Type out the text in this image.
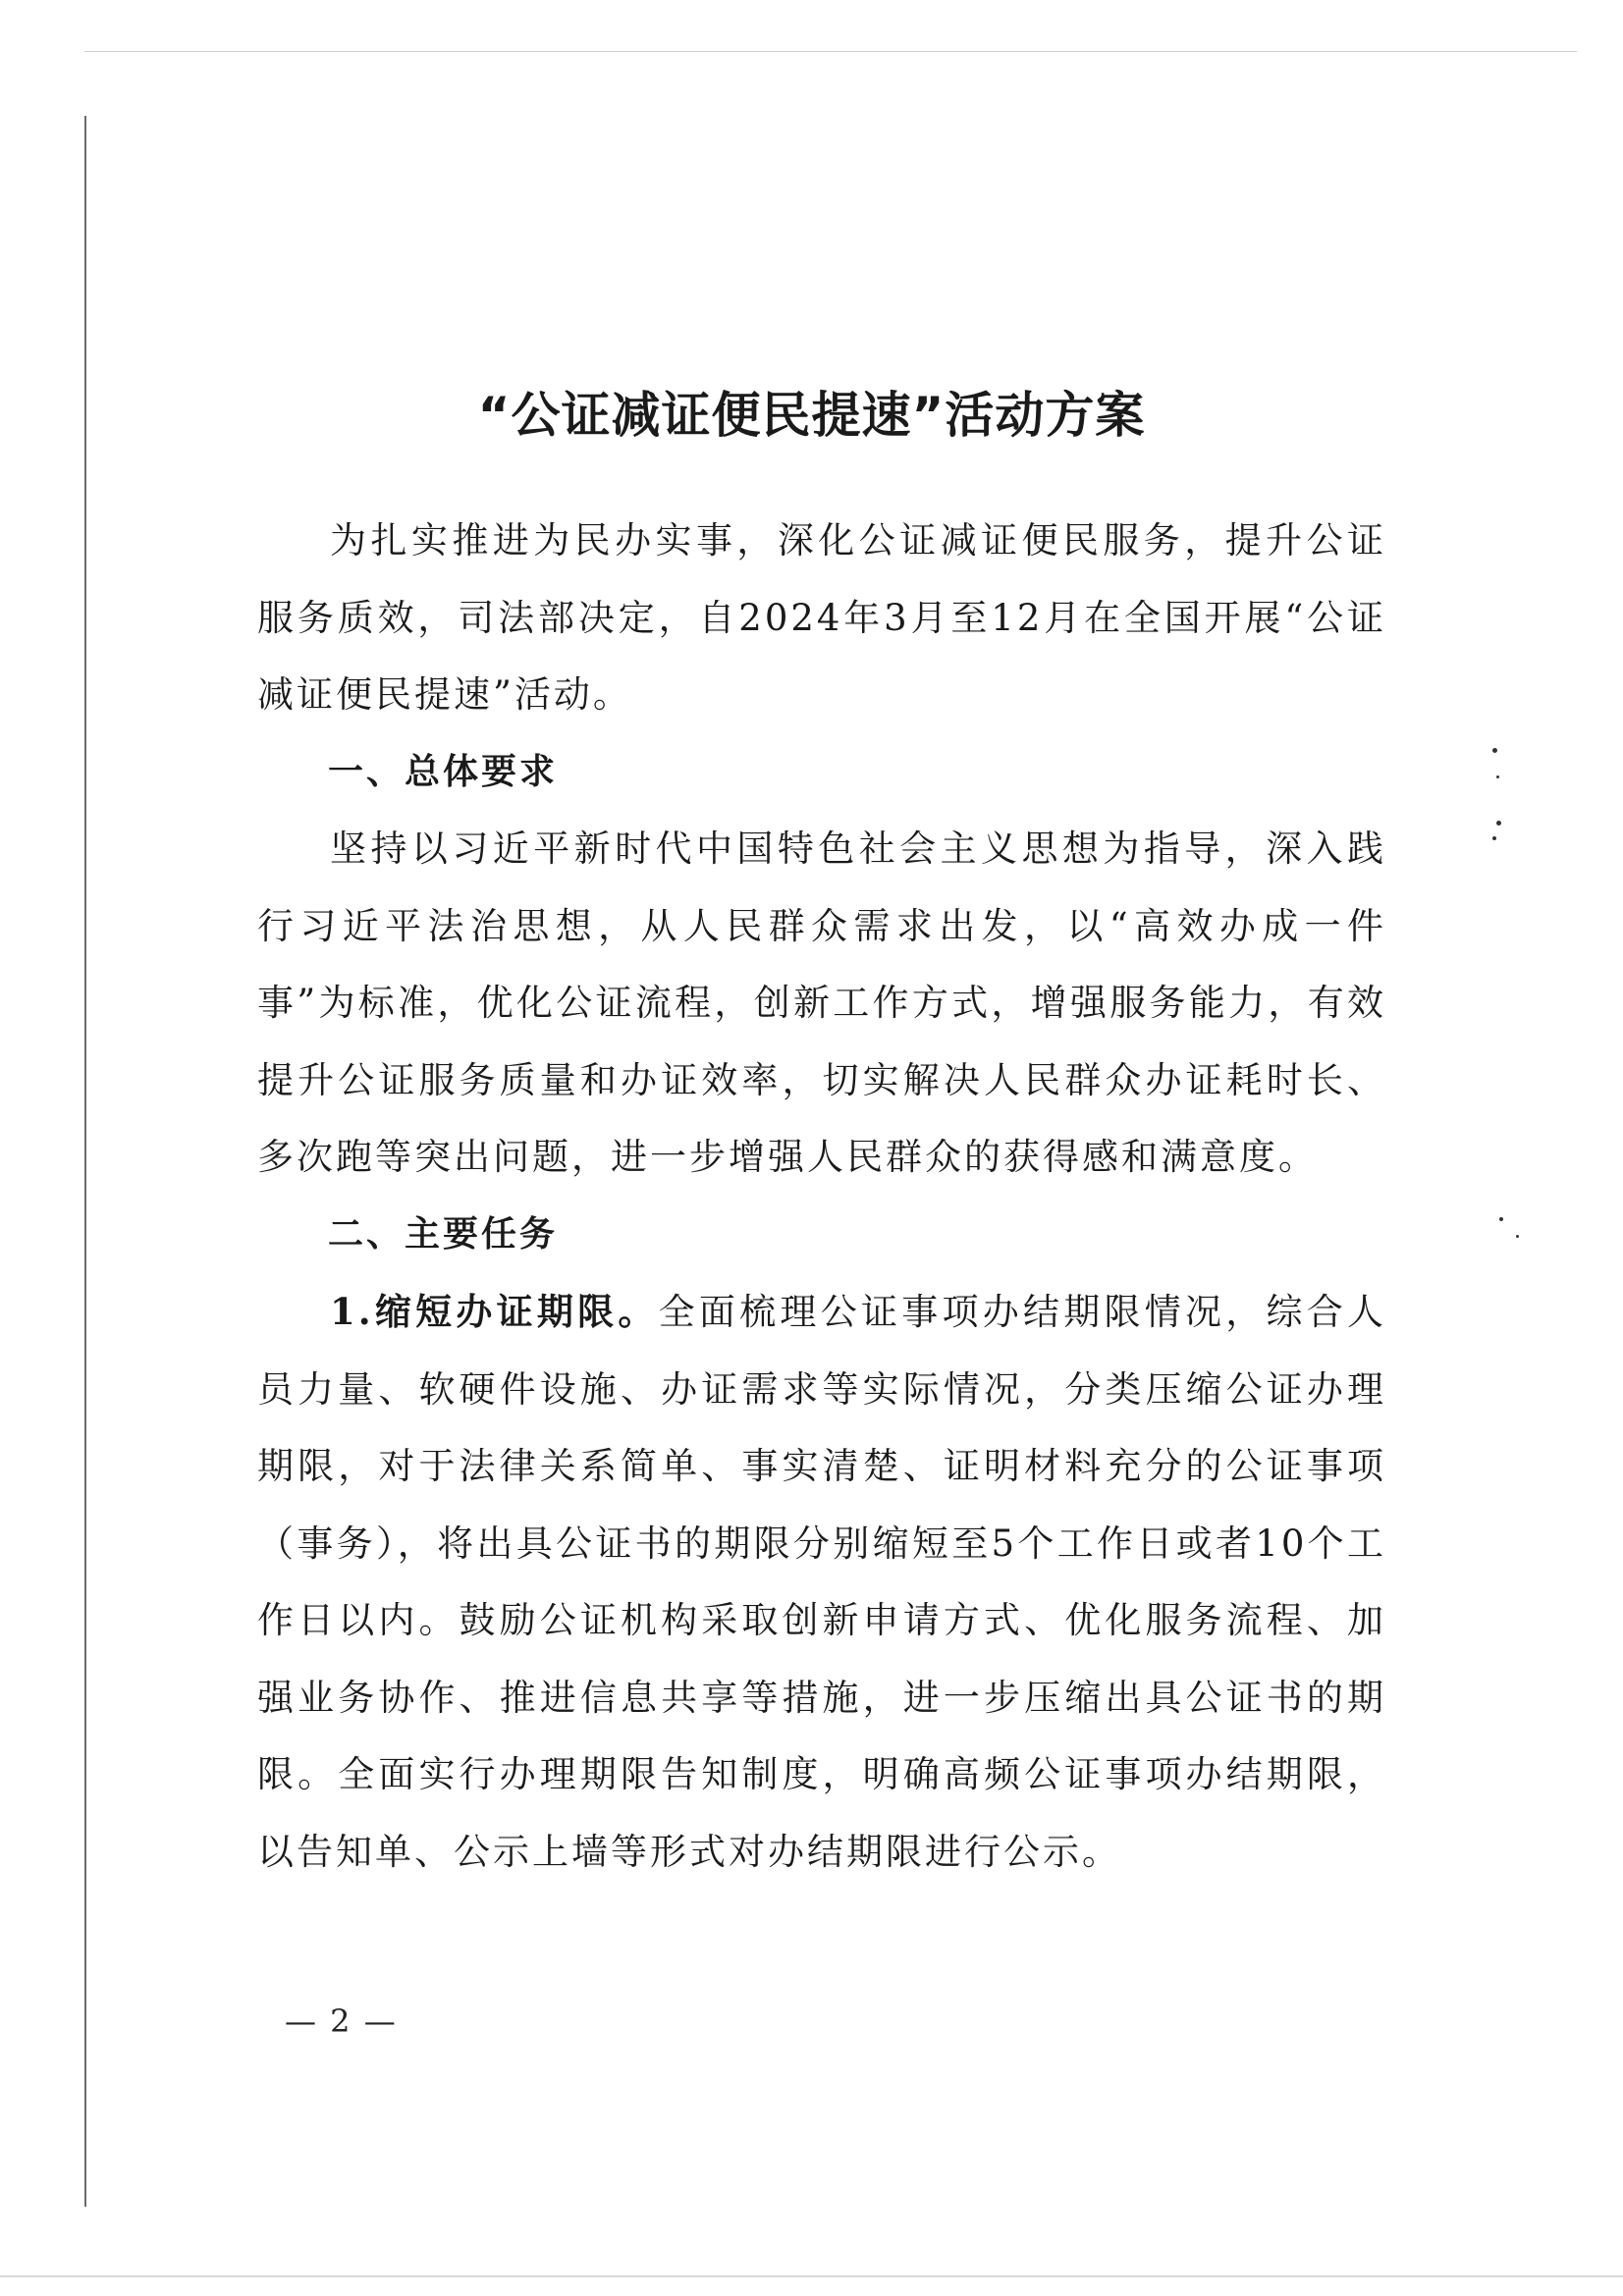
“公证减证便民提速”活动方案

为扎实推进为民办实事，深化公证减证便民服务，提升公证服务质效，司法部决定，自2024年3月至12月在全国开展“公证减证便民提速”活动。

一、总体要求

坚持以习近平新时代中国特色社会主义思想为指导，深入践行习近平法治思想，从人民群众需求出发，以“高效办成一件事”为标准，优化公证流程，创新工作方式，增强服务能力，有效提升公证服务质量和办证效率，切实解决人民群众办证耗时长、多次跑等突出问题，进一步增强人民群众的获得感和满意度。

二、主要任务

1.缩短办证期限。全面梳理公证事项办结期限情况，综合人员力量、软硬件设施、办证需求等实际情况，分类压缩公证办理期限，对于法律关系简单、事实清楚、证明材料充分的公证事项（事务），将出具公证书的期限分别缩短至5个工作日或者10个工作日以内。鼓励公证机构采取创新申请方式、优化服务流程、加强业务协作、推进信息共享等措施，进一步压缩出具公证书的期限。全面实行办理期限告知制度，明确高频公证事项办结期限，以告知单、公示上墙等形式对办结期限进行公示。

— 2 —
